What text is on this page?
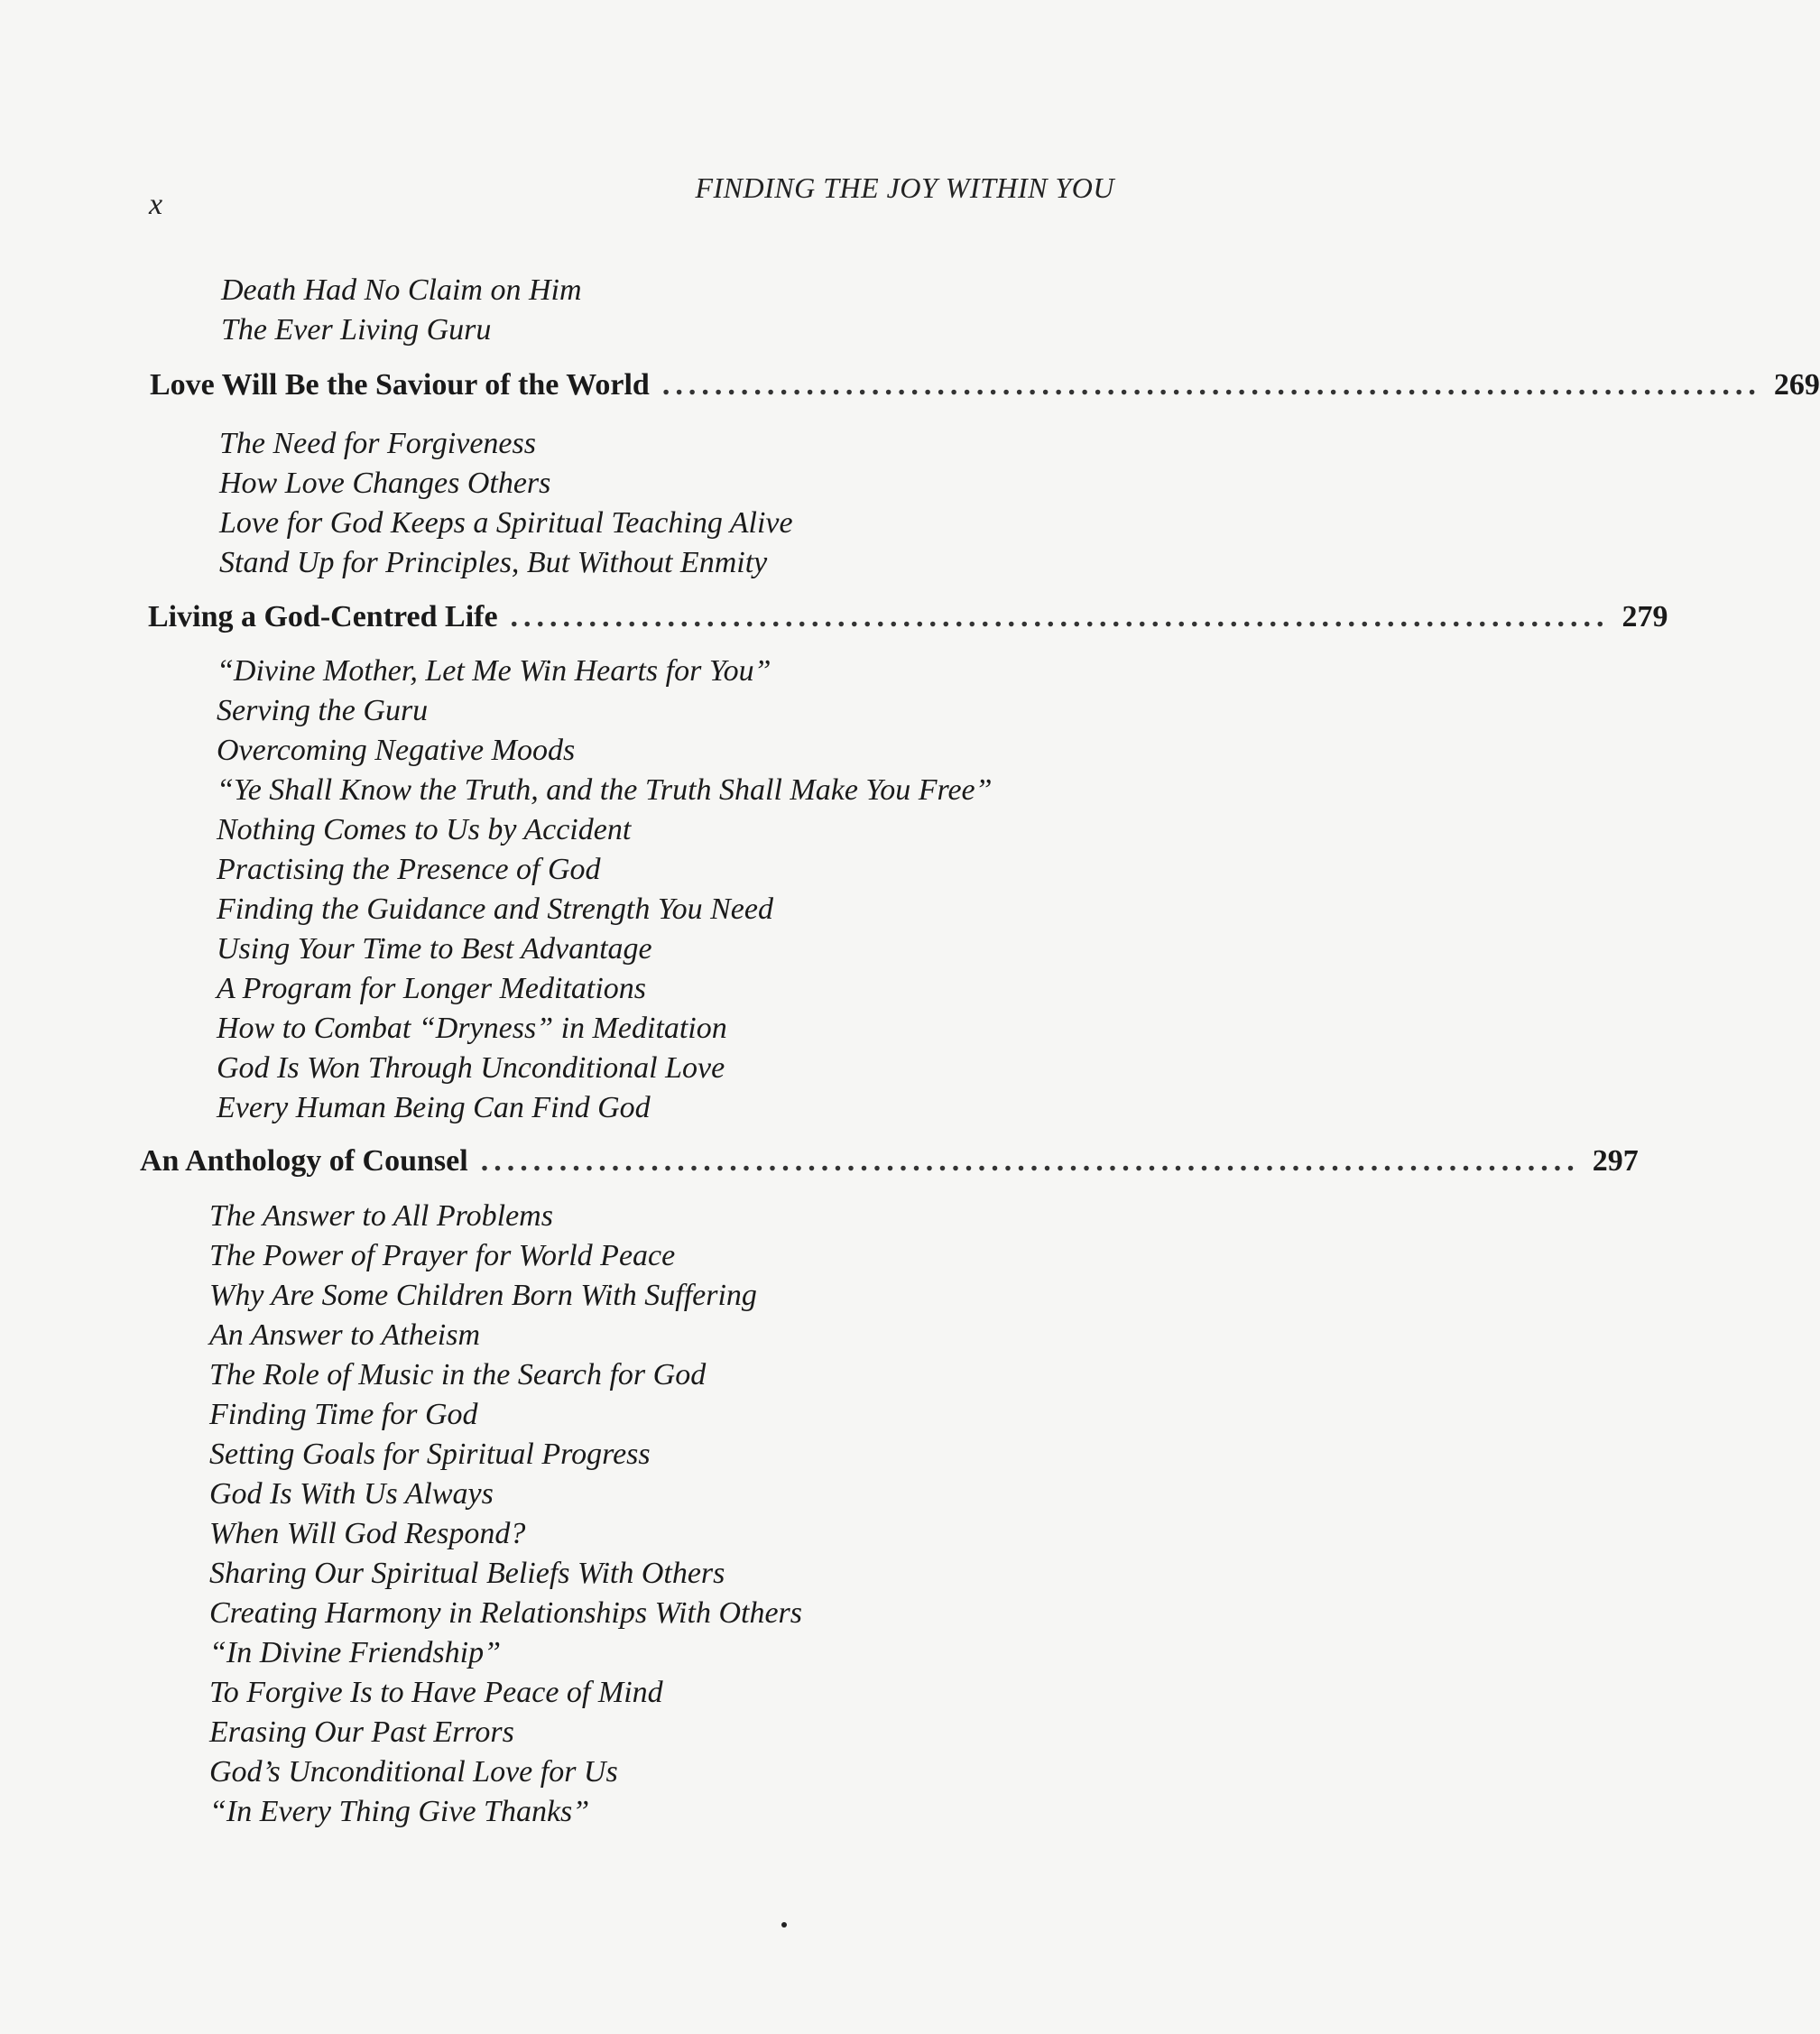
x	FINDING THE JOY WITHIN YOU
Death Had No Claim on Him
The Ever Living Guru
Love Will Be the Saviour of the World .................................................................................... 269
The Need for Forgiveness
How Love Changes Others
Love for God Keeps a Spiritual Teaching Alive
Stand Up for Principles, But Without Enmity
Living a God-Centred Life .................................................................................... 279
“Divine Mother, Let Me Win Hearts for You”
Serving the Guru
Overcoming Negative Moods
“Ye Shall Know the Truth, and the Truth Shall Make You Free”
Nothing Comes to Us by Accident
Practising the Presence of God
Finding the Guidance and Strength You Need
Using Your Time to Best Advantage
A Program for Longer Meditations
How to Combat “Dryness” in Meditation
God Is Won Through Unconditional Love
Every Human Being Can Find God
An Anthology of Counsel .................................................................................... 297
The Answer to All Problems
The Power of Prayer for World Peace
Why Are Some Children Born With Suffering
An Answer to Atheism
The Role of Music in the Search for God
Finding Time for God
Setting Goals for Spiritual Progress
God Is With Us Always
When Will God Respond?
Sharing Our Spiritual Beliefs With Others
Creating Harmony in Relationships With Others
“In Divine Friendship”
To Forgive Is to Have Peace of Mind
Erasing Our Past Errors
God’s Unconditional Love for Us
“In Every Thing Give Thanks”
